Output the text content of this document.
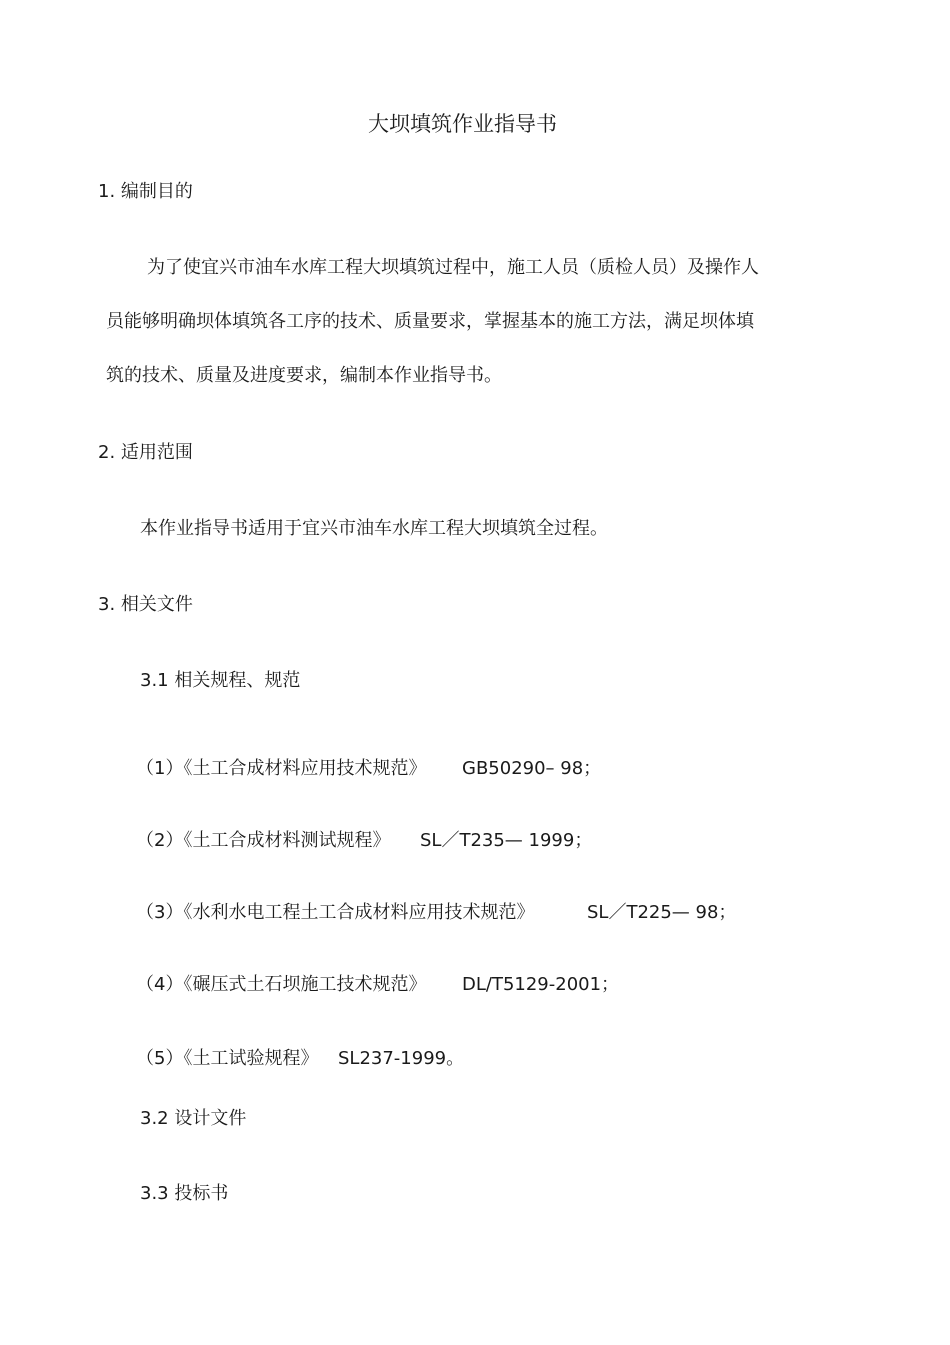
大坝填筑作业指导书
1. 编制目的
为了使宜兴市油车水库工程大坝填筑过程中，施工人员（质检人员）及操作人
员能够明确坝体填筑各工序的技术、质量要求，掌握基本的施工方法，满足坝体填
筑的技术、质量及进度要求，编制本作业指导书。
2. 适用范围
本作业指导书适用于宜兴市油车水库工程大坝填筑全过程。
3. 相关文件
3.1 相关规程、规范
（1）《土工合成材料应用技术规范》 GB50290– 98；
（2）《土工合成材料测试规程》 SL／T235— 1999；
（3）《水利水电工程土工合成材料应用技术规范》	SL／T225— 98；
（4）《碾压式土石坝施工技术规范》 DL/T5129-2001；
（5）《土工试验规程》 SL237-1999。
3.2 设计文件
3.3 投标书
